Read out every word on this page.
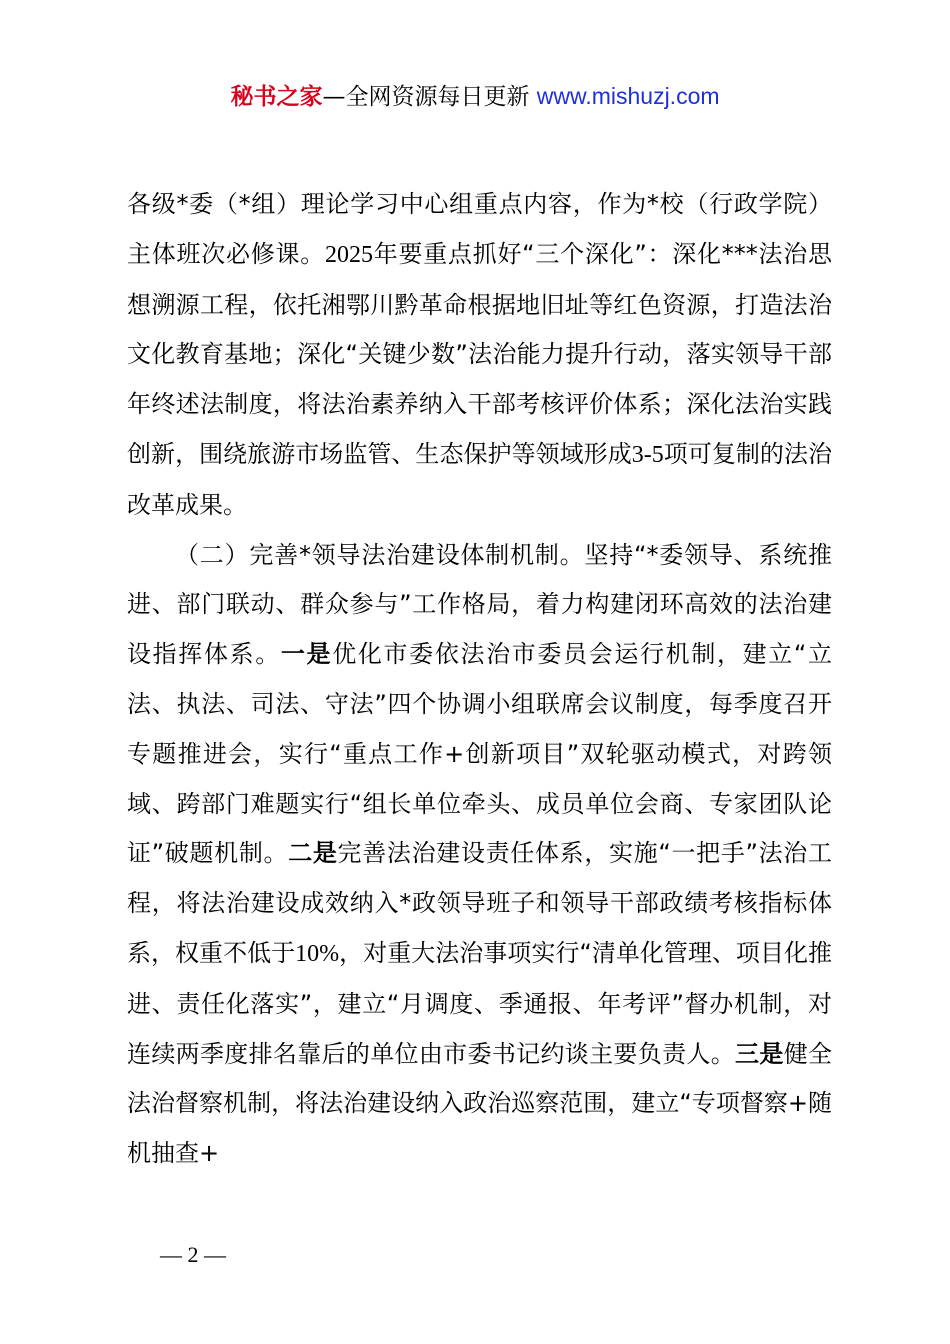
秘书之家—全网资源每日更新 www.mishuzj.com

各级*委（*组）理论学习中心组重点内容，作为*校（行政学院）主体班次必修课。2025年要重点抓好“三个深化”：深化***法治思想溯源工程，依托湘鄂川黔革命根据地旧址等红色资源，打造法治文化教育基地；深化“关键少数”法治能力提升行动，落实领导干部年终述法制度，将法治素养纳入干部考核评价体系；深化法治实践创新，围绕旅游市场监管、生态保护等领域形成3-5项可复制的法治改革成果。

（二）完善*领导法治建设体制机制。坚持“*委领导、系统推进、部门联动、群众参与”工作格局，着力构建闭环高效的法治建设指挥体系。一是优化市委依法治市委员会运行机制，建立“立法、执法、司法、守法”四个协调小组联席会议制度，每季度召开专题推进会，实行“重点工作+创新项目”双轮驱动模式，对跨领域、跨部门难题实行“组长单位牵头、成员单位会商、专家团队论证”破题机制。二是完善法治建设责任体系，实施“一把手”法治工程，将法治建设成效纳入*政领导班子和领导干部政绩考核指标体系，权重不低于10%，对重大法治事项实行“清单化管理、项目化推进、责任化落实”，建立“月调度、季通报、年考评”督办机制，对连续两季度排名靠后的单位由市委书记约谈主要负责人。三是健全法治督察机制，将法治建设纳入政治巡察范围，建立“专项督察+随机抽查+

— 2 —
